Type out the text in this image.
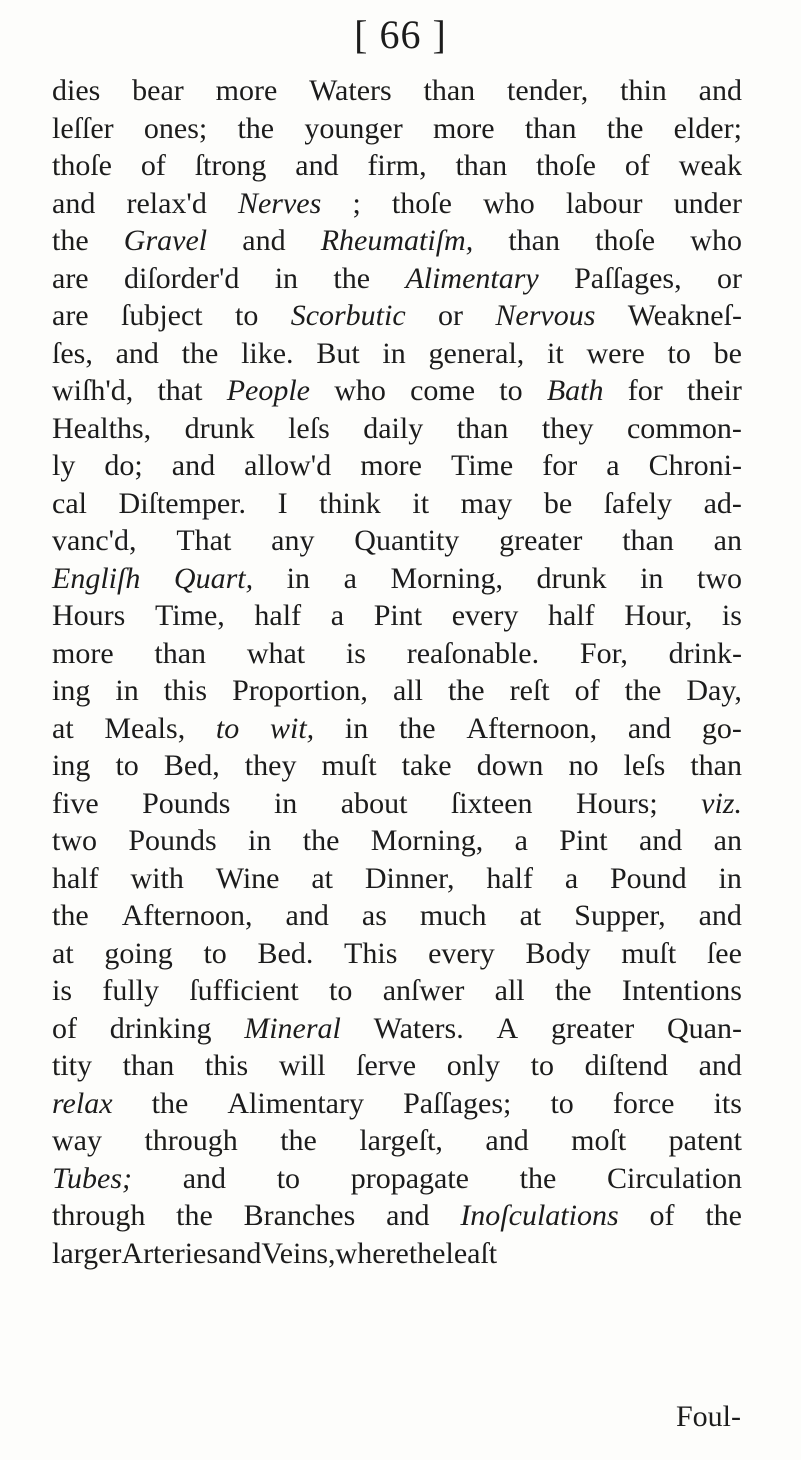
[ 66 ]
dies bear more Waters than tender, thin and
leſſer ones; the younger more than the elder;
thoſe of ſtrong and firm, than thoſe of weak
and relax'd Nerves ; thoſe who labour under
the Gravel and Rheumatiſm, than thoſe who
are diſorder'd in the Alimentary Paſſages, or
are ſubject to Scorbutic or Nervous Weakneſ-
ſes, and the like. But in general, it were to be
wiſh'd, that People who come to Bath for their
Healths, drunk leſs daily than they common-
ly do; and allow'd more Time for a Chroni-
cal Diſtemper. I think it may be ſafely ad-
vanc'd, That any Quantity greater than an
Engliſh Quart, in a Morning, drunk in two
Hours Time, half a Pint every half Hour, is
more than what is reaſonable. For, drink-
ing in this Proportion, all the reſt of the Day,
at Meals, to wit, in the Afternoon, and go-
ing to Bed, they muſt take down no leſs than
five Pounds in about ſixteen Hours; viz.
two Pounds in the Morning, a Pint and an
half with Wine at Dinner, half a Pound in
the Afternoon, and as much at Supper, and
at going to Bed. This every Body muſt ſee
is fully ſufficient to anſwer all the Intentions
of drinking Mineral Waters. A greater Quan-
tity than this will ſerve only to diſtend and
relax the Alimentary Paſſages; to force its
way through the largeſt, and moſt patent
Tubes; and to propagate the Circulation
through the Branches and Inoſculations of the
larger Arteries and Veins, where the leaſt
Foul-
